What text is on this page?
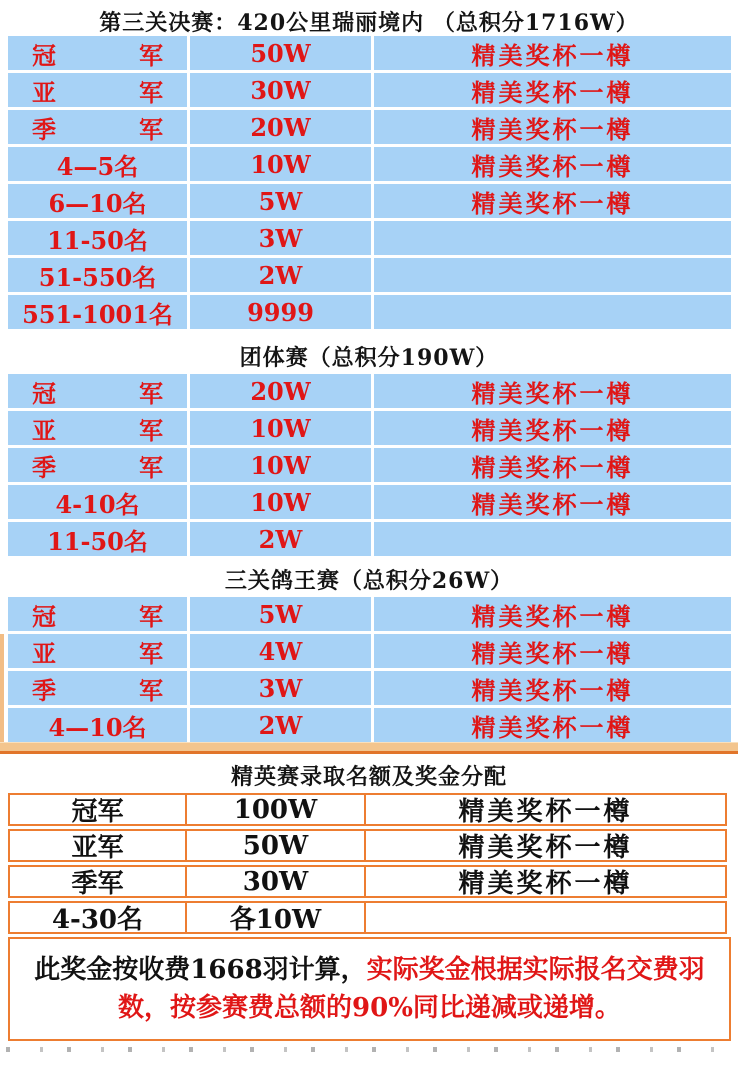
第三关决赛：420公里瑞丽境内 （总积分1716W）
冠军	50W	精美奖杯一樽
亚军	30W	精美奖杯一樽
季军	20W	精美奖杯一樽
4—5名	10W	精美奖杯一樽
6—10名	5W	精美奖杯一樽
11-50名	3W
51-550名	2W
551-1001名	9999
团体赛（总积分190W）
冠军	20W	精美奖杯一樽
亚军	10W	精美奖杯一樽
季军	10W	精美奖杯一樽
4-10名	10W	精美奖杯一樽
11-50名	2W
三关鸽王赛（总积分26W）
冠军	5W	精美奖杯一樽
亚军	4W	精美奖杯一樽
季军	3W	精美奖杯一樽
4—10名	2W	精美奖杯一樽
精英赛录取名额及奖金分配
冠军	100W	精美奖杯一樽
亚军	50W	精美奖杯一樽
季军	30W	精美奖杯一樽
4-30名	各10W
此奖金按收费1668羽计算，实际奖金根据实际报名交费羽
数，按参赛费总额的90%同比递减或递增。
